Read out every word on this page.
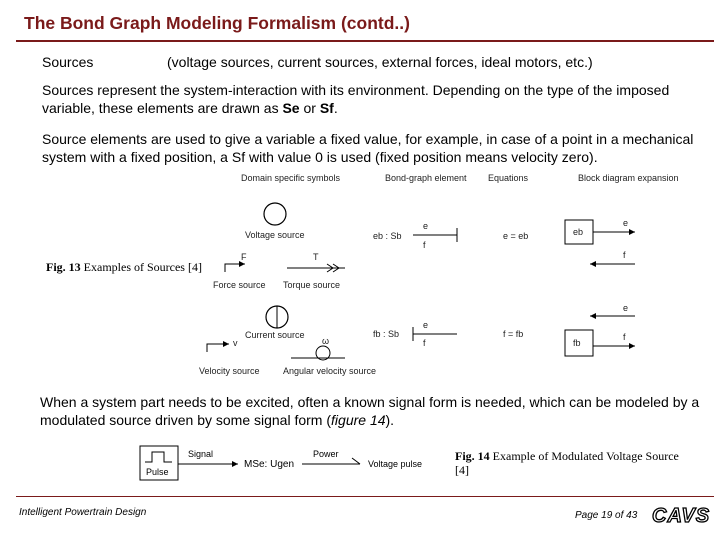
The Bond Graph Modeling Formalism (contd..)
Sources	(voltage sources, current sources, external forces, ideal motors, etc.)
Sources represent the system-interaction with its environment. Depending on the type of the imposed variable, these elements are drawn as Se or Sf.
Source elements are used to give a variable a fixed value, for example, in case of a point in a mechanical system with a fixed position, a Sf with value 0 is used (fixed position means velocity zero).
Domain specific symbols	Bond-graph element Equations	Block diagram expansion
Voltage source	eb : Sb
e
f
e = eb	eb
e
f
F
Force source
T
Torque source
Current source	fb : Sb
e
f
f = fb
fb
e
f
v
Velocity source
ω
Angular velocity source
Fig. 13 Examples of Sources [4]
When a system part needs to be excited, often a known signal form is needed, which can be modeled by a modulated source driven by some signal form (figure 14).
Pulse
Signal
MSe: Ugen
Power
Voltage pulse
Fig. 14 Example of Modulated Voltage Source [4]
Intelligent Powertrain Design	Page 19 of 43 CAVS
